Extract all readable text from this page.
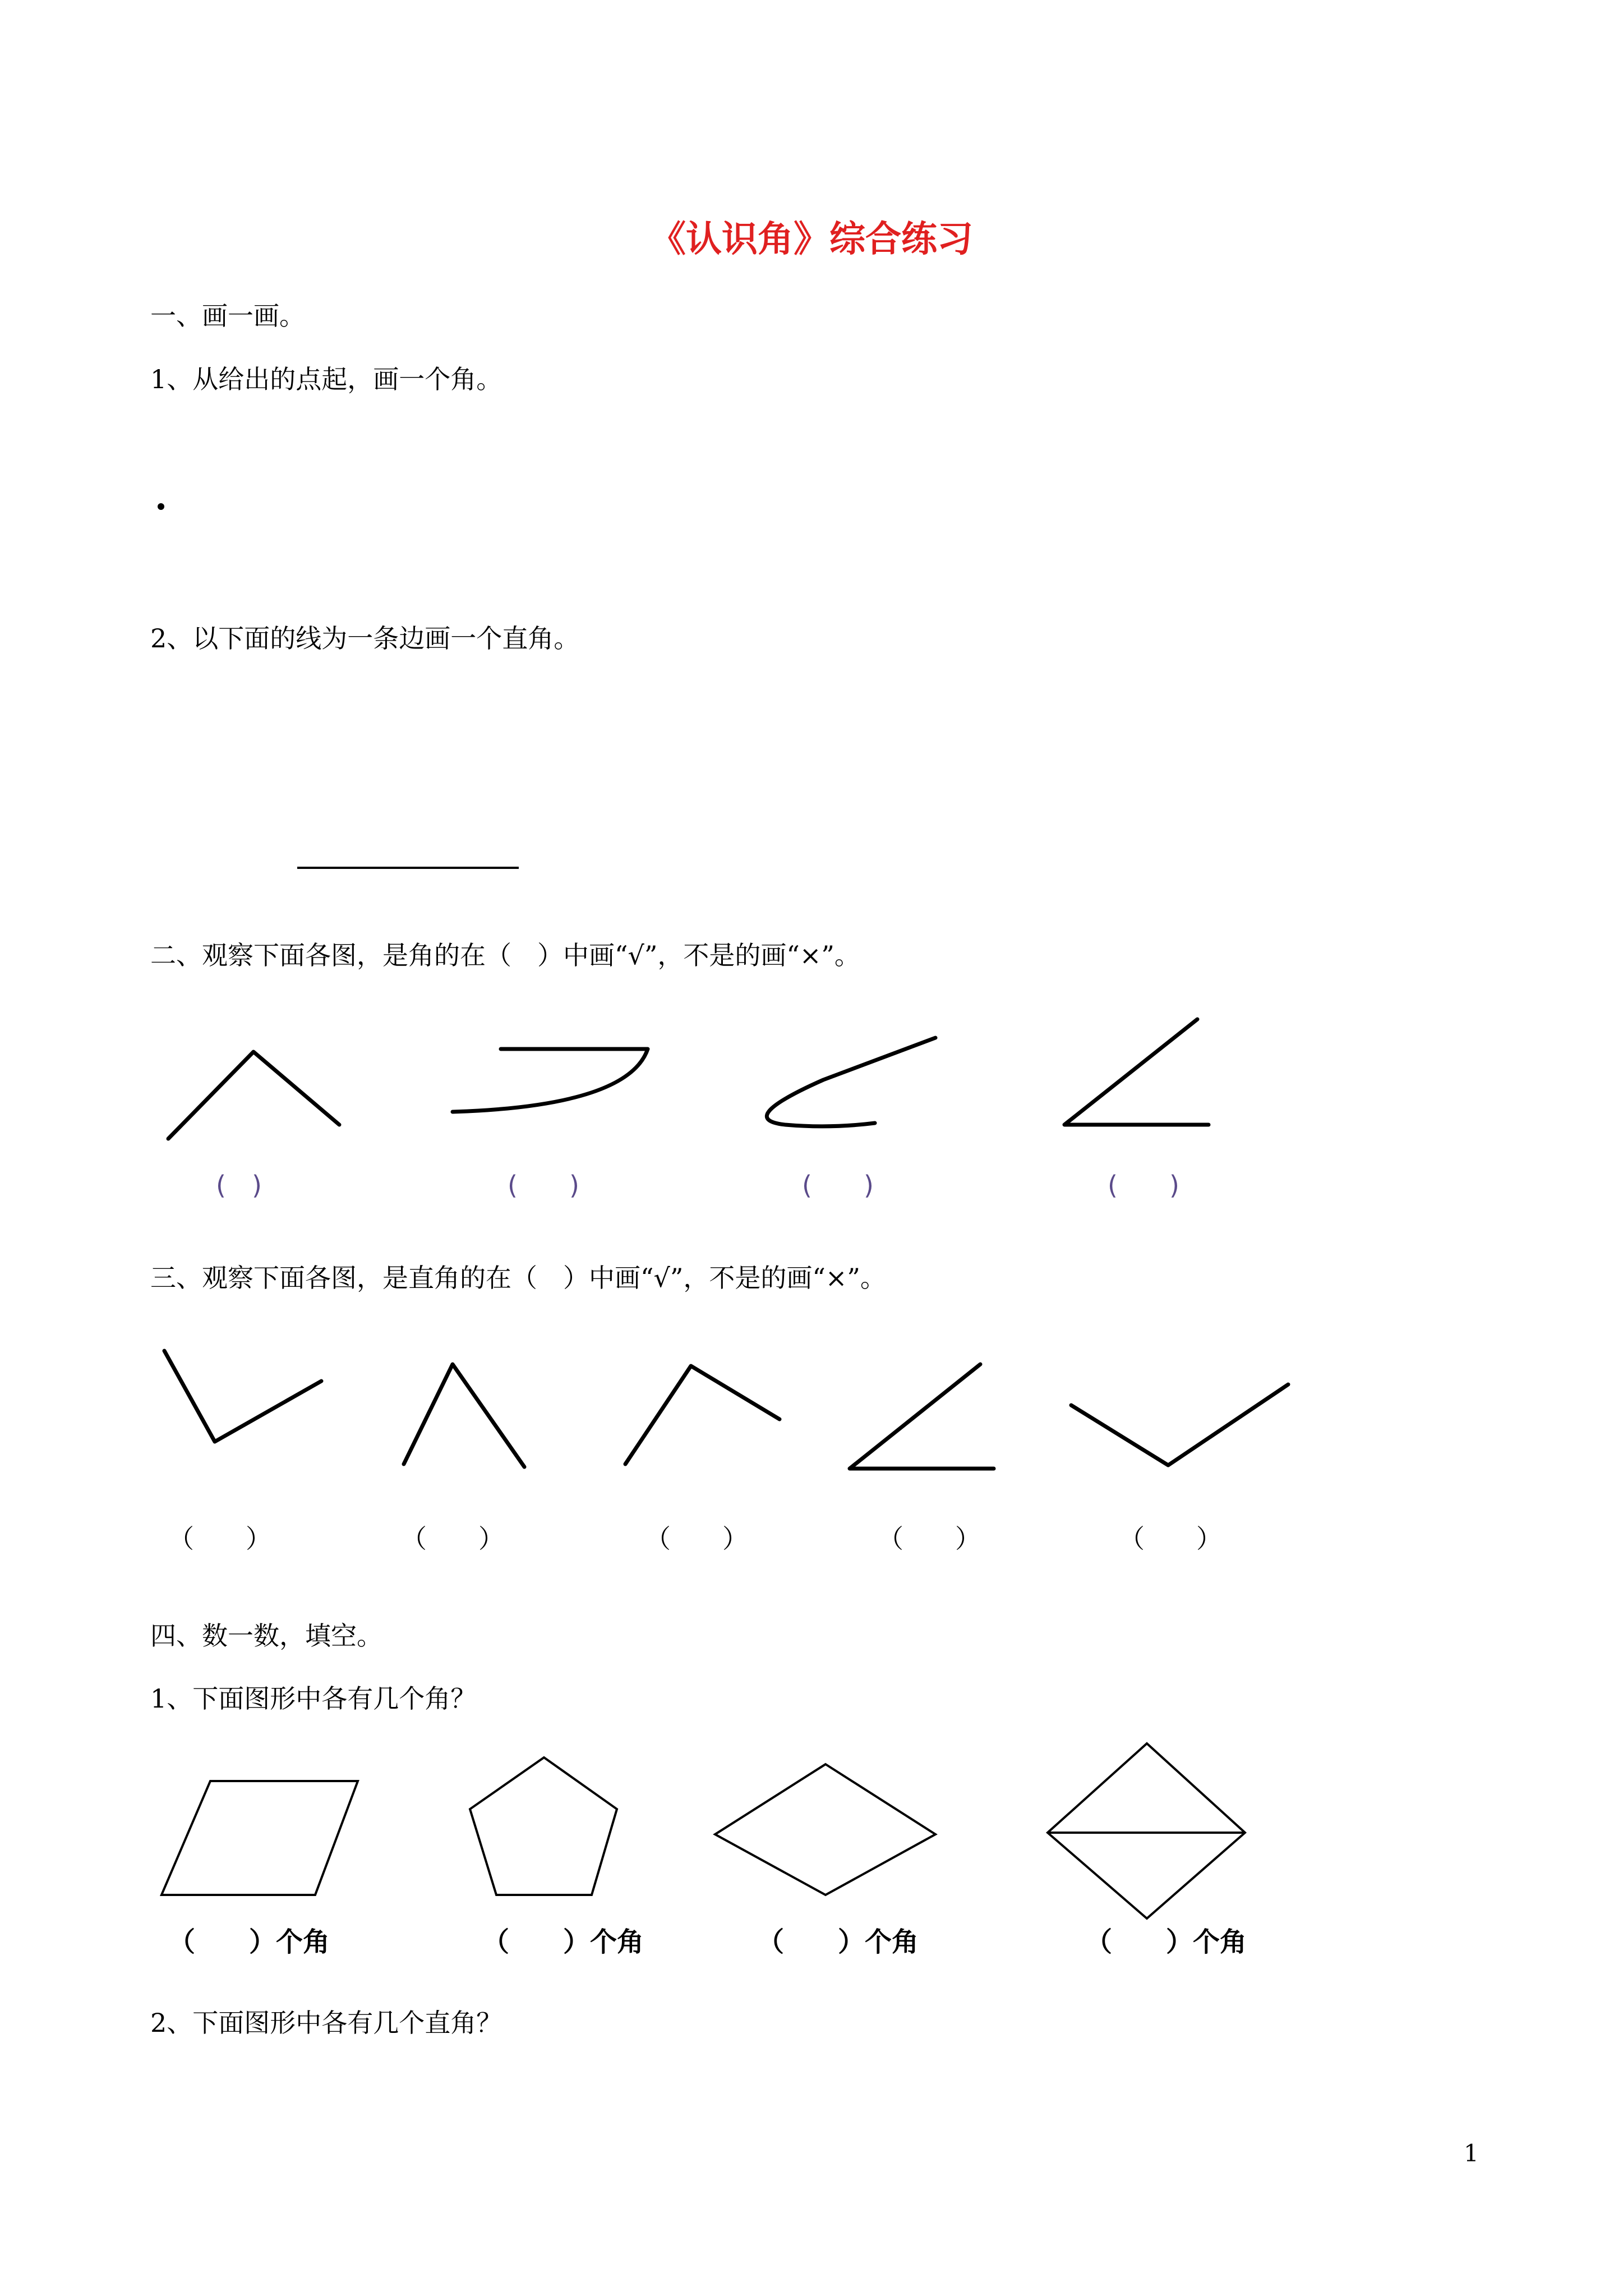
《认识角》综合练习
一、画一画。
1、从给出的点起，画一个角。
2、以下面的线为一条边画一个直角。
二、观察下面各图，是角的在（　）中画“√”，不是的画“×”。
(　)	(　　)	(　　)	(　　)
三、观察下面各图，是直角的在（　）中画“√”，不是的画“×”。
（　　）	（　　）	（　　）	（　　）	（　　）
四、数一数，填空。
1、下面图形中各有几个角？
（　　）个角	（　　）个角	（　　）个角	（　　）个角
2、下面图形中各有几个直角？
1
